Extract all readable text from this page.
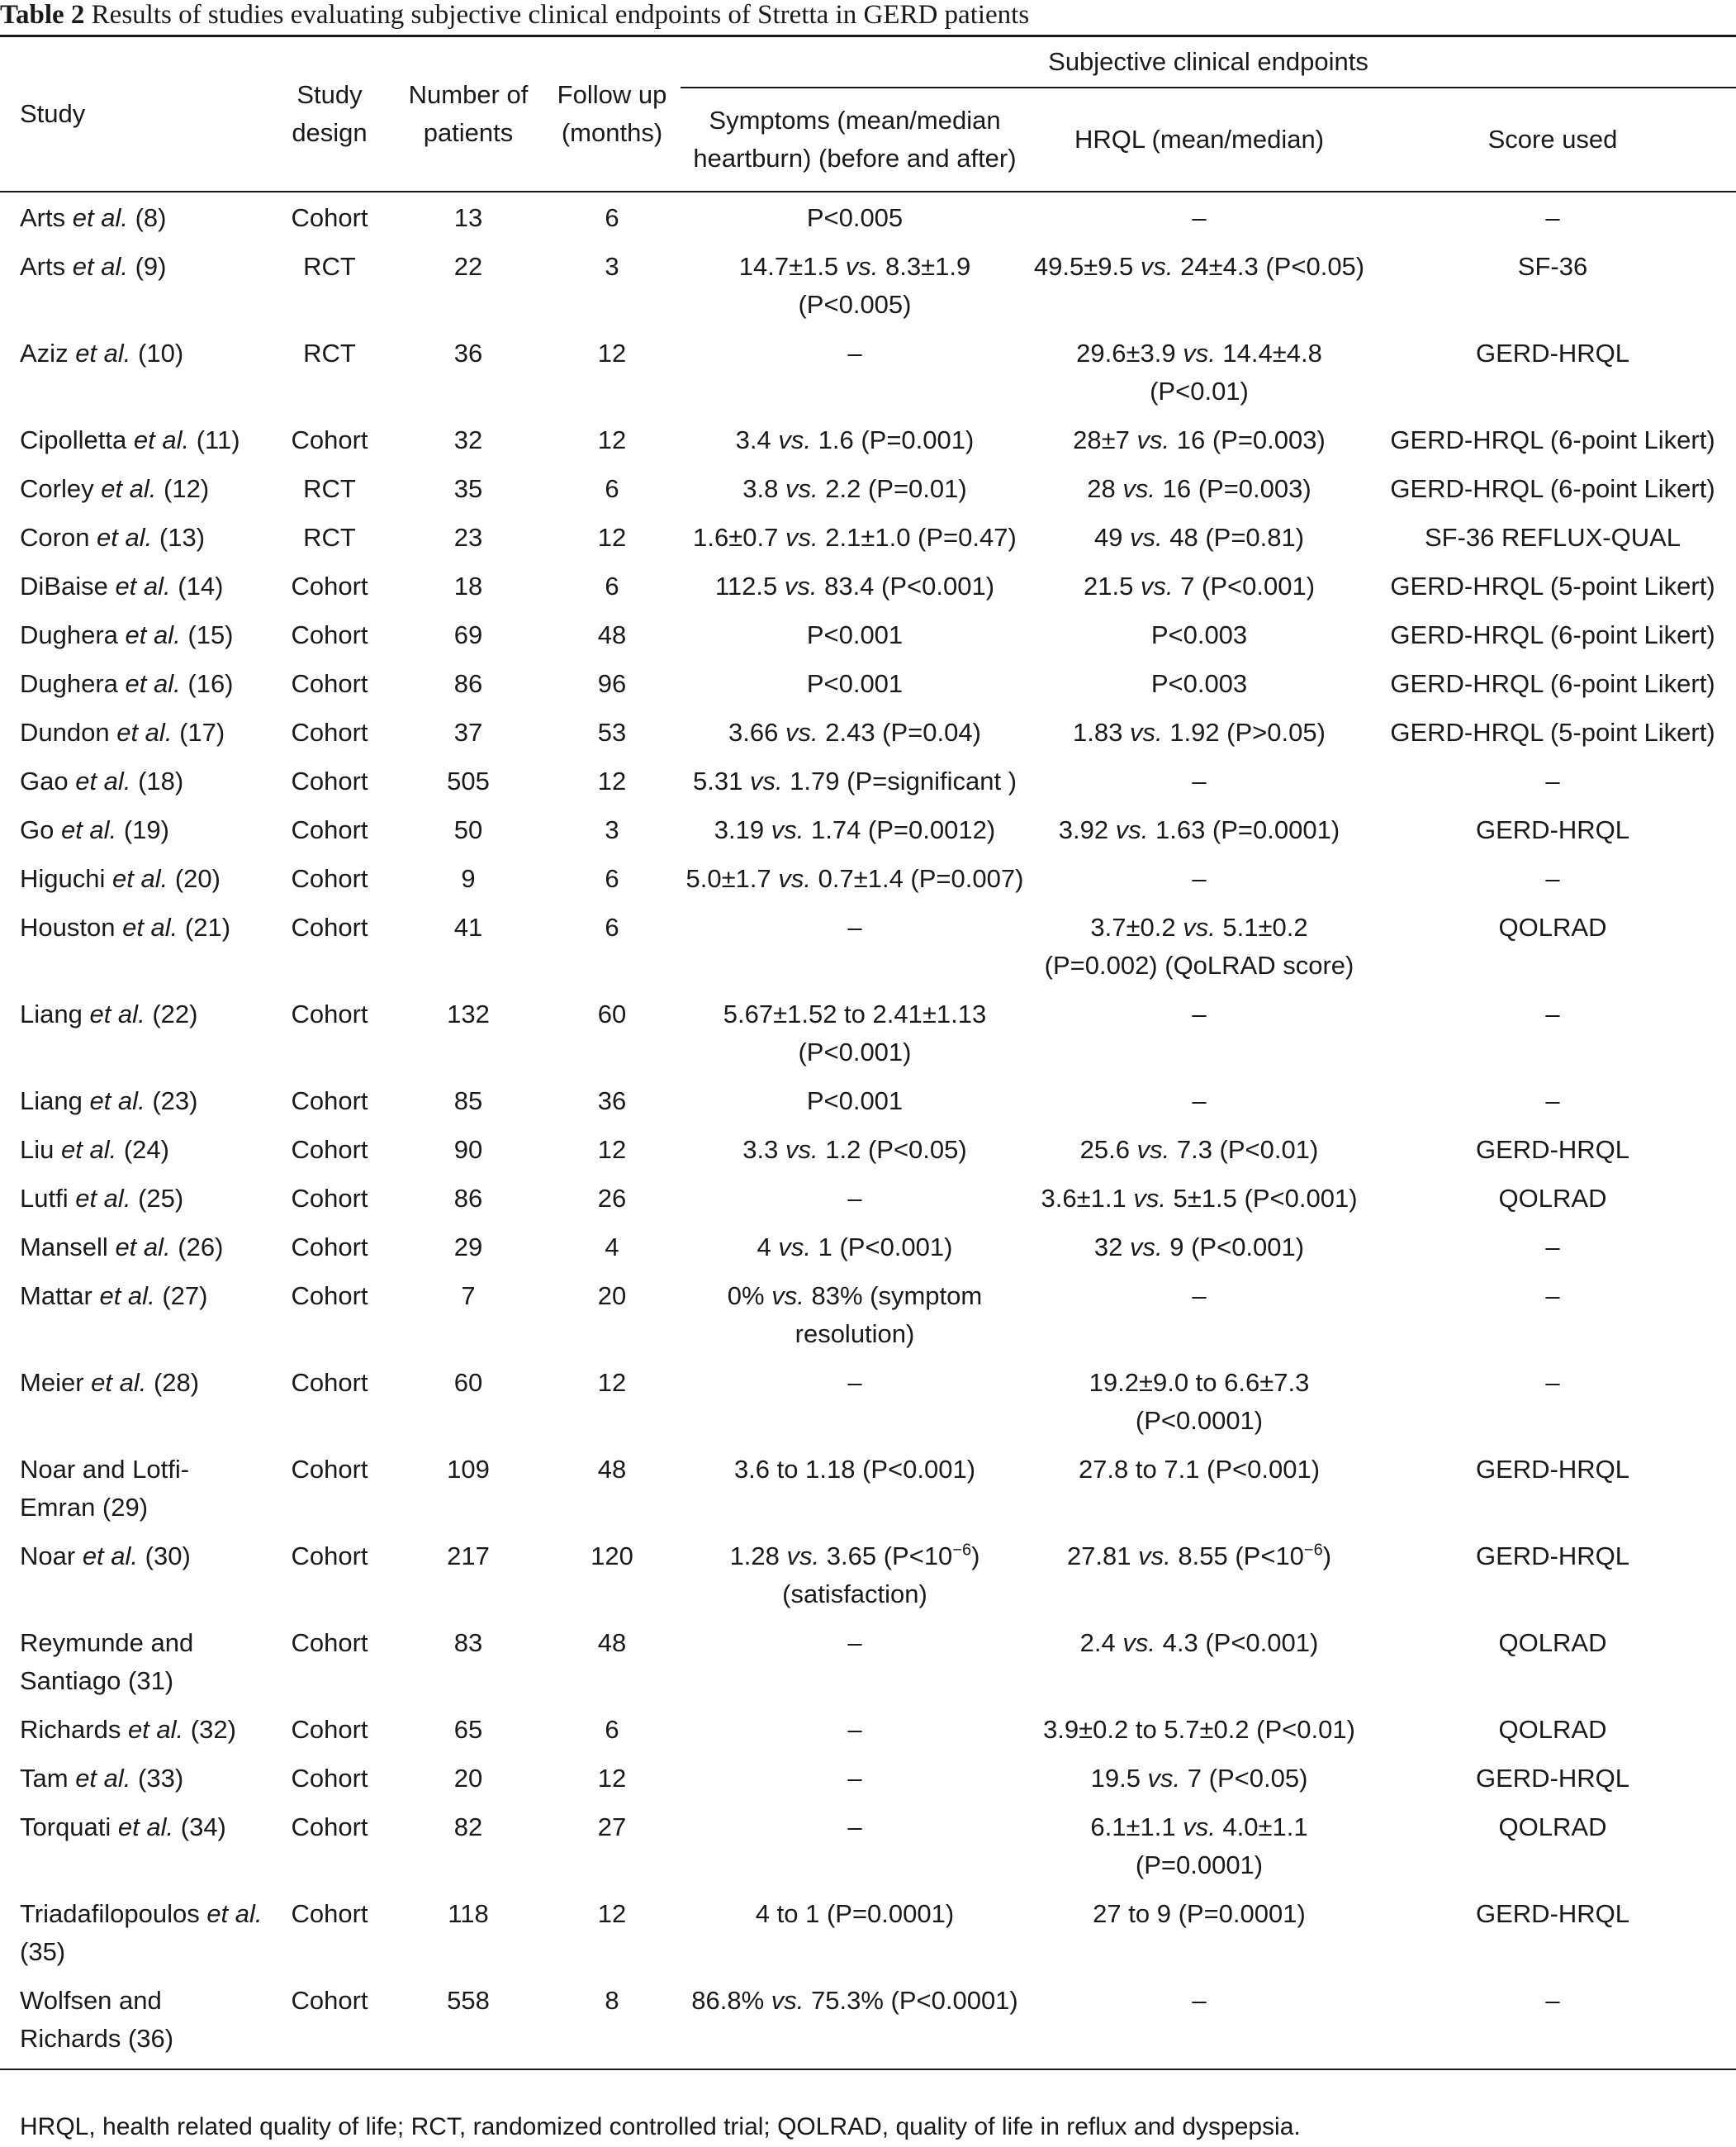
Table 2 Results of studies evaluating subjective clinical endpoints of Stretta in GERD patients
Study	Study design	Number of patients	Follow up (months)	Subjective clinical endpoints		
				Symptoms (mean/median heartburn) (before and after)	HRQL (mean/median)	Score used
Arts et al. (8)	Cohort	13	6	P<0.005	–	–
Arts et al. (9)	RCT	22	3	14.7±1.5 vs. 8.3±1.9 (P<0.005)	49.5±9.5 vs. 24±4.3 (P<0.05)	SF-36
Aziz et al. (10)	RCT	36	12	–	29.6±3.9 vs. 14.4±4.8 (P<0.01)	GERD-HRQL
Cipolletta et al. (11)	Cohort	32	12	3.4 vs. 1.6 (P=0.001)	28±7 vs. 16 (P=0.003)	GERD-HRQL (6-point Likert)
Corley et al. (12)	RCT	35	6	3.8 vs. 2.2 (P=0.01)	28 vs. 16 (P=0.003)	GERD-HRQL (6-point Likert)
Coron et al. (13)	RCT	23	12	1.6±0.7 vs. 2.1±1.0 (P=0.47)	49 vs. 48 (P=0.81)	SF-36 REFLUX-QUAL
DiBaise et al. (14)	Cohort	18	6	112.5 vs. 83.4 (P<0.001)	21.5 vs. 7 (P<0.001)	GERD-HRQL (5-point Likert)
Dughera et al. (15)	Cohort	69	48	P<0.001	P<0.003	GERD-HRQL (6-point Likert)
Dughera et al. (16)	Cohort	86	96	P<0.001	P<0.003	GERD-HRQL (6-point Likert)
Dundon et al. (17)	Cohort	37	53	3.66 vs. 2.43 (P=0.04)	1.83 vs. 1.92 (P>0.05)	GERD-HRQL (5-point Likert)
Gao et al. (18)	Cohort	505	12	5.31 vs. 1.79 (P=significant )	–	–
Go et al. (19)	Cohort	50	3	3.19 vs. 1.74 (P=0.0012)	3.92 vs. 1.63 (P=0.0001)	GERD-HRQL
Higuchi et al. (20)	Cohort	9	6	5.0±1.7 vs. 0.7±1.4 (P=0.007)	–	–
Houston et al. (21)	Cohort	41	6	–	3.7±0.2 vs. 5.1±0.2 (P=0.002) (QoLRAD score)	QOLRAD
Liang et al. (22)	Cohort	132	60	5.67±1.52 to 2.41±1.13 (P<0.001)	–	–
Liang et al. (23)	Cohort	85	36	P<0.001	–	–
Liu et al. (24)	Cohort	90	12	3.3 vs. 1.2 (P<0.05)	25.6 vs. 7.3 (P<0.01)	GERD-HRQL
Lutfi et al. (25)	Cohort	86	26	–	3.6±1.1 vs. 5±1.5 (P<0.001)	QOLRAD
Mansell et al. (26)	Cohort	29	4	4 vs. 1 (P<0.001)	32 vs. 9 (P<0.001)	–
Mattar et al. (27)	Cohort	7	20	0% vs. 83% (symptom resolution)	–	–
Meier et al. (28)	Cohort	60	12	–	19.2±9.0 to 6.6±7.3 (P<0.0001)	–
Noar and Lotfi-Emran (29)	Cohort	109	48	3.6 to 1.18 (P<0.001)	27.8 to 7.1 (P<0.001)	GERD-HRQL
Noar et al. (30)	Cohort	217	120	1.28 vs. 3.65 $(P<10^{-6})$ (satisfaction)	27.81 vs. 8.55 $(P<10^{-6})$	GERD-HRQL
Reymunde and Santiago (31)	Cohort	83	48	–	2.4 vs. 4.3 (P<0.001)	QOLRAD
Richards et al. (32)	Cohort	65	6	–	3.9±0.2 to 5.7±0.2 (P<0.01)	QOLRAD
Tam et al. (33)	Cohort	20	12	–	19.5 vs. 7 (P<0.05)	GERD-HRQL
Torquati et al. (34)	Cohort	82	27	–	6.1±1.1 vs. 4.0±1.1 (P=0.0001)	QOLRAD
Triadafilopoulos et al. (35)	Cohort	118	12	4 to 1 (P=0.0001)	27 to 9 (P=0.0001)	GERD-HRQL
Wolfsen and Richards (36)	Cohort	558	8	86.8% vs. 75.3% (P<0.0001)	–	–
HRQL, health related quality of life; RCT, randomized controlled trial; QOLRAD, quality of life in reflux and dyspepsia.
